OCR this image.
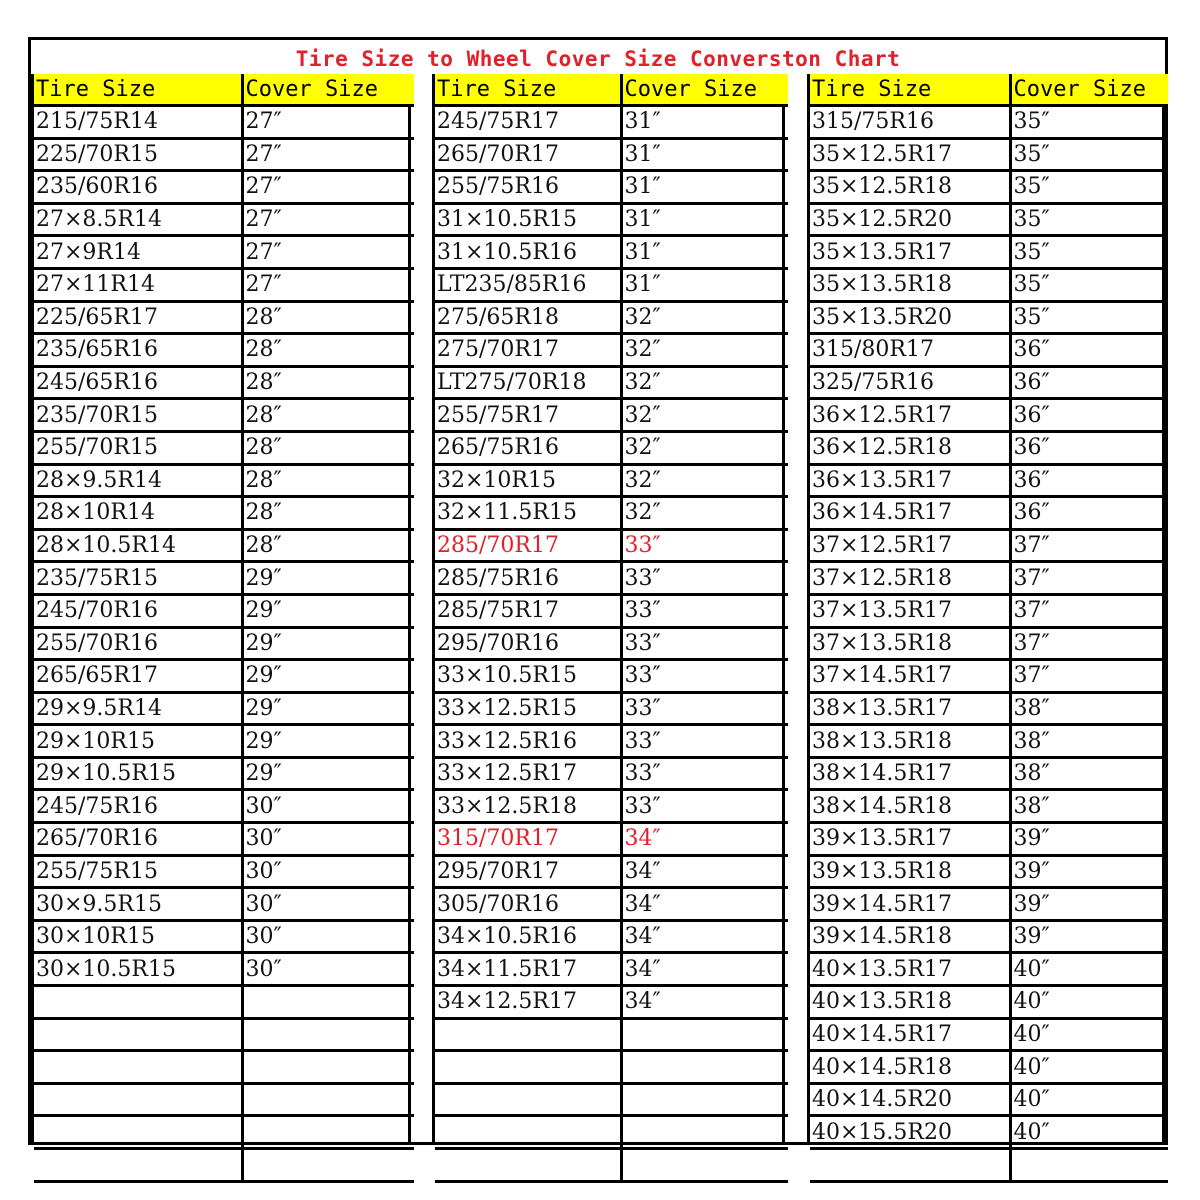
Tire Size to Wheel Cover Size Converston Chart
Tire Size	Cover Size
215/75R14	27″
225/70R15	27″
235/60R16	27″
27×8.5R14	27″
27×9R14	27″
27×11R14	27″
225/65R17	28″
235/65R16	28″
245/65R16	28″
235/70R15	28″
255/70R15	28″
28×9.5R14	28″
28×10R14	28″
28×10.5R14	28″
235/75R15	29″
245/70R16	29″
255/70R16	29″
265/65R17	29″
29×9.5R14	29″
29×10R15	29″
29×10.5R15	29″
245/75R16	30″
265/70R16	30″
255/75R15	30″
30×9.5R15	30″
30×10R15	30″
30×10.5R15	30″

Tire Size	Cover Size
245/75R17	31″
265/70R17	31″
255/75R16	31″
31×10.5R15	31″
31×10.5R16	31″
LT235/85R16	31″
275/65R18	32″
275/70R17	32″
LT275/70R18	32″
255/75R17	32″
265/75R16	32″
32×10R15	32″
32×11.5R15	32″
285/70R17	33″
285/75R16	33″
285/75R17	33″
295/70R16	33″
33×10.5R15	33″
33×12.5R15	33″
33×12.5R16	33″
33×12.5R17	33″
33×12.5R18	33″
315/70R17	34″
295/70R17	34″
305/70R16	34″
34×10.5R16	34″
34×11.5R17	34″
34×12.5R17	34″

Tire Size	Cover Size
315/75R16	35″
35×12.5R17	35″
35×12.5R18	35″
35×12.5R20	35″
35×13.5R17	35″
35×13.5R18	35″
35×13.5R20	35″
315/80R17	36″
325/75R16	36″
36×12.5R17	36″
36×12.5R18	36″
36×13.5R17	36″
36×14.5R17	36″
37×12.5R17	37″
37×12.5R18	37″
37×13.5R17	37″
37×13.5R18	37″
37×14.5R17	37″
38×13.5R17	38″
38×13.5R18	38″
38×14.5R17	38″
38×14.5R18	38″
39×13.5R17	39″
39×13.5R18	39″
39×14.5R17	39″
39×14.5R18	39″
40×13.5R17	40″
40×13.5R18	40″
40×14.5R17	40″
40×14.5R18	40″
40×14.5R20	40″
40×15.5R20	40″
